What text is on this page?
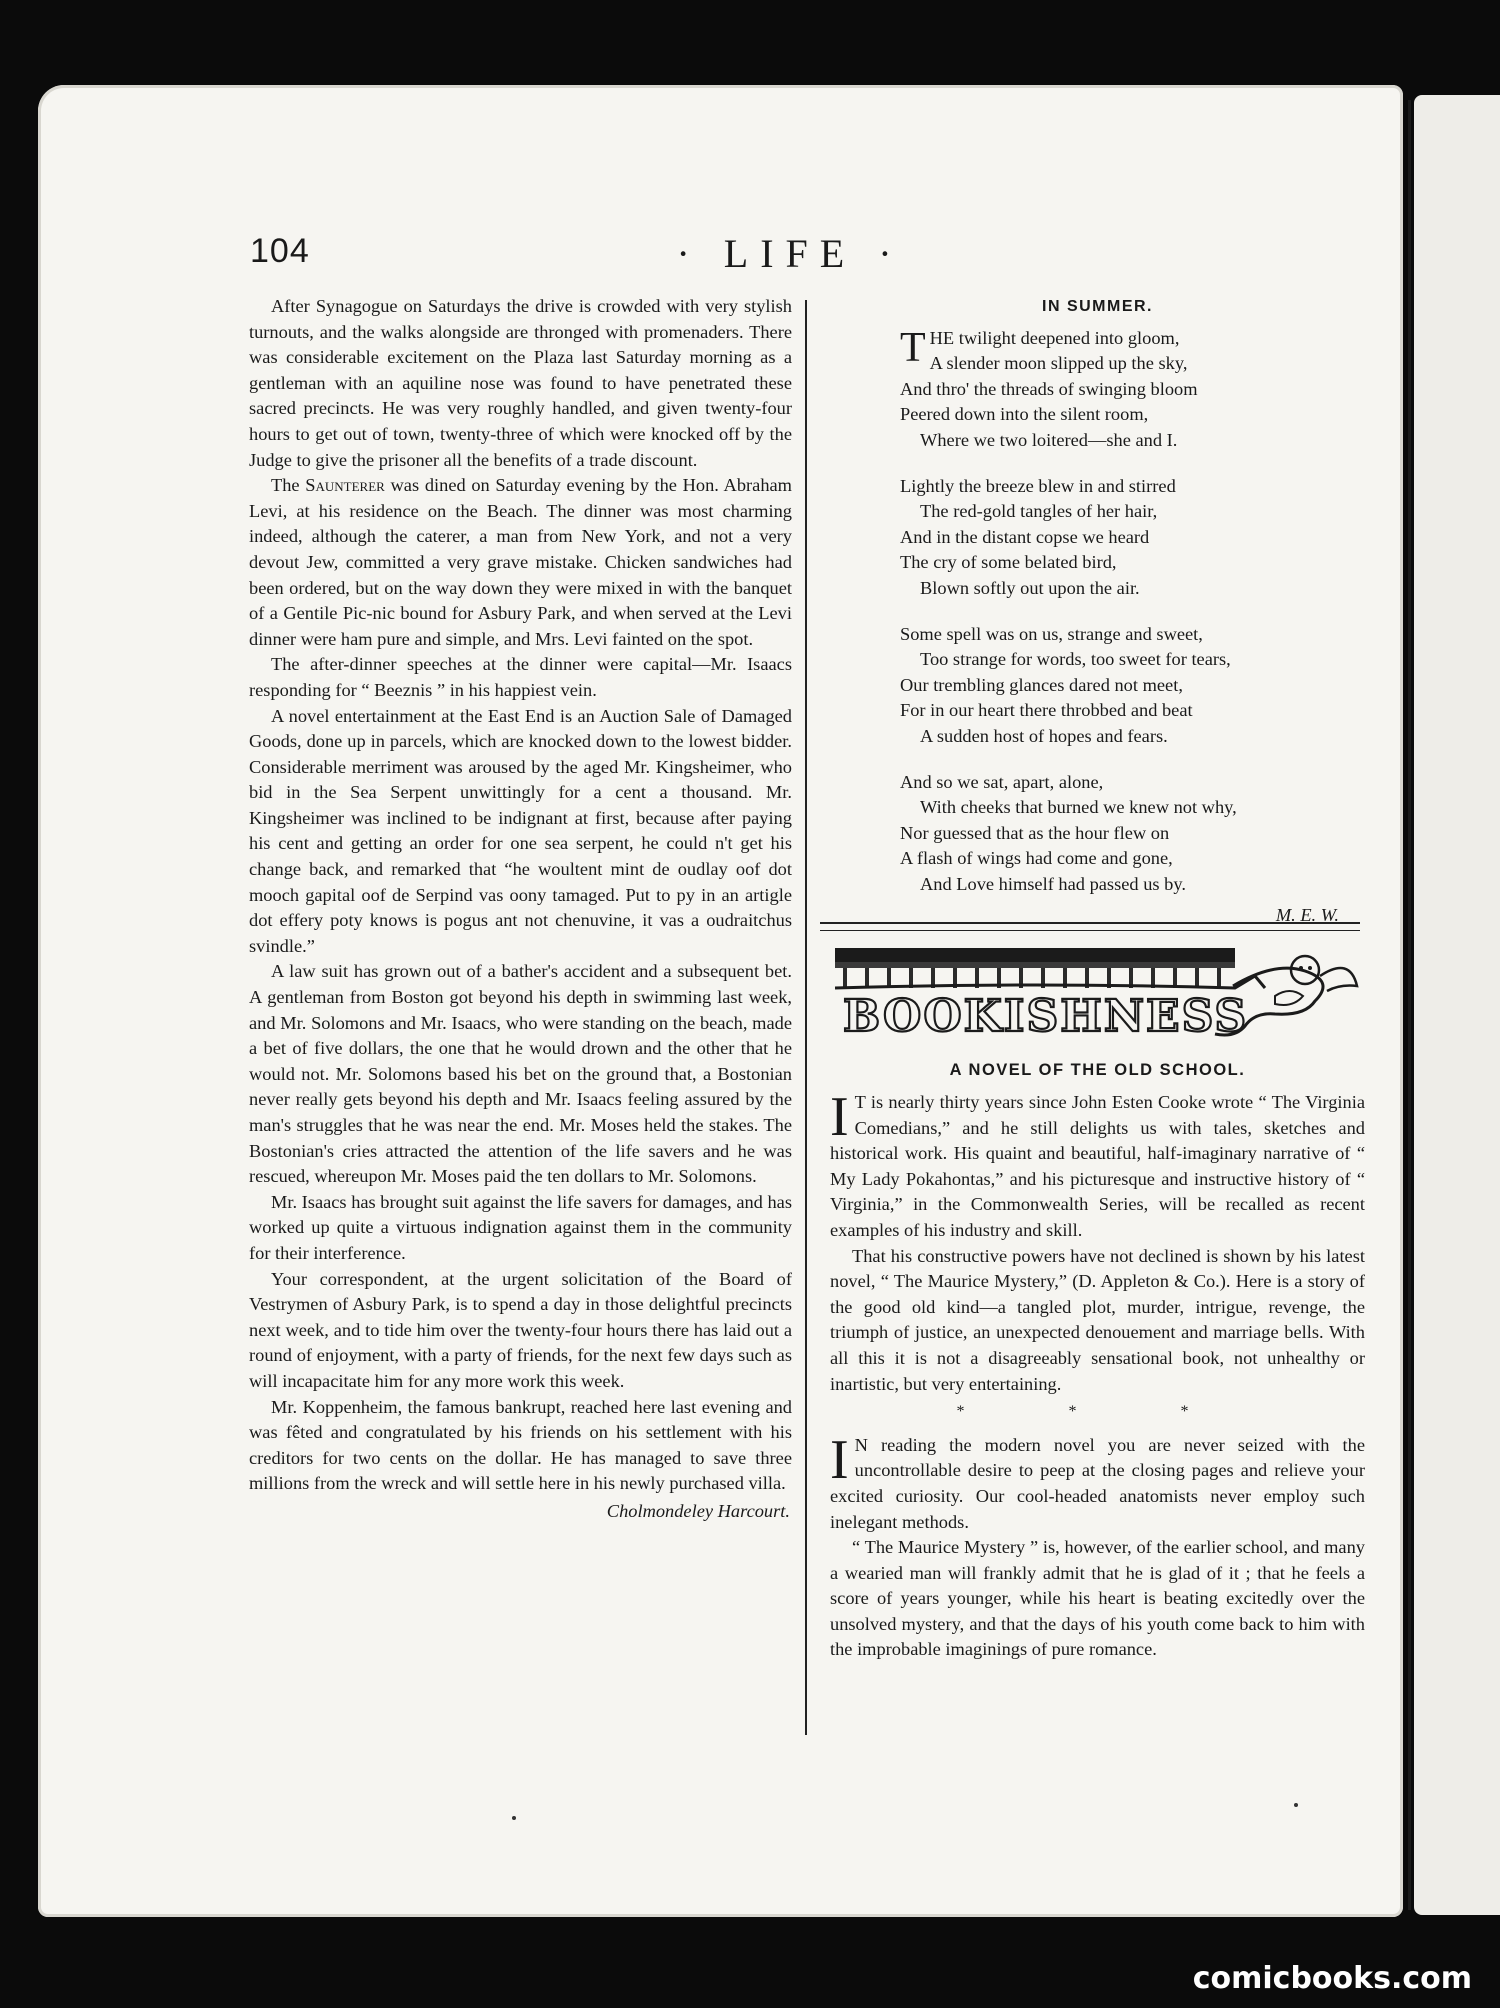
104	· LIFE ·

After Synagogue on Saturdays the drive is crowded with very stylish turnouts, and the walks alongside are thronged with promenaders. There was considerable excitement on the Plaza last Saturday morning as a gentleman with an aquiline nose was found to have penetrated these sacred precincts. He was very roughly handled, and given twenty-four hours to get out of town, twenty-three of which were knocked off by the Judge to give the prisoner all the benefits of a trade discount.

The Saunterer was dined on Saturday evening by the Hon. Abraham Levi, at his residence on the Beach. The dinner was most charming indeed, although the caterer, a man from New York, and not a very devout Jew, committed a very grave mistake. Chicken sandwiches had been ordered, but on the way down they were mixed in with the banquet of a Gentile Pic-nic bound for Asbury Park, and when served at the Levi dinner were ham pure and simple, and Mrs. Levi fainted on the spot.

The after-dinner speeches at the dinner were capital—Mr. Isaacs responding for “ Beeznis ” in his happiest vein.

A novel entertainment at the East End is an Auction Sale of Damaged Goods, done up in parcels, which are knocked down to the lowest bidder. Considerable merriment was aroused by the aged Mr. Kingsheimer, who bid in the Sea Serpent unwittingly for a cent a thousand. Mr. Kingsheimer was inclined to be indignant at first, because after paying his cent and getting an order for one sea serpent, he could n't get his change back, and remarked that “he woultent mint de oudlay oof dot mooch gapital oof de Serpind vas oony tamaged. Put to py in an artigle dot effery poty knows is pogus ant not chenuvine, it vas a oudraitchus svindle.”

A law suit has grown out of a bather's accident and a subsequent bet. A gentleman from Boston got beyond his depth in swimming last week, and Mr. Solomons and Mr. Isaacs, who were standing on the beach, made a bet of five dollars, the one that he would drown and the other that he would not. Mr. Solomons based his bet on the ground that, a Bostonian never really gets beyond his depth and Mr. Isaacs feeling assured by the man's struggles that he was near the end. Mr. Moses held the stakes. The Bostonian's cries attracted the attention of the life savers and he was rescued, whereupon Mr. Moses paid the ten dollars to Mr. Solomons.

Mr. Isaacs has brought suit against the life savers for damages, and has worked up quite a virtuous indignation against them in the community for their interference.

Your correspondent, at the urgent solicitation of the Board of Vestrymen of Asbury Park, is to spend a day in those delightful precincts next week, and to tide him over the twenty-four hours there has laid out a round of enjoyment, with a party of friends, for the next few days such as will incapacitate him for any more work this week.

Mr. Koppenheim, the famous bankrupt, reached here last evening and was fêted and congratulated by his friends on his settlement with his creditors for two cents on the dollar. He has managed to save three millions from the wreck and will settle here in his newly purchased villa.

Cholmondeley Harcourt.
IN SUMMER.
T HE twilight deepened into gloom,
A slender moon slipped up the sky,
And thro' the threads of swinging bloom
Peered down into the silent room,
Where we two loitered—she and I.
Lightly the breeze blew in and stirred
The red-gold tangles of her hair,
And in the distant copse we heard
The cry of some belated bird,
Blown softly out upon the air.
Some spell was on us, strange and sweet,
Too strange for words, too sweet for tears,
Our trembling glances dared not meet,
For in our heart there throbbed and beat
A sudden host of hopes and fears.
And so we sat, apart, alone,
With cheeks that burned we knew not why,
Nor guessed that as the hour flew on
A flash of wings had come and gone,
And Love himself had passed us by.
M. E. W.
BOOKISHNESS
A NOVEL OF THE OLD SCHOOL.

I T is nearly thirty years since John Esten Cooke wrote “ The Virginia Comedians,” and he still delights us with tales, sketches and historical work. His quaint and beautiful, half-imaginary narrative of “ My Lady Pokahontas,” and his picturesque and instructive history of “ Virginia,” in the Commonwealth Series, will be recalled as recent examples of his industry and skill.

That his constructive powers have not declined is shown by his latest novel, “ The Maurice Mystery,” (D. Appleton & Co.). Here is a story of the good old kind—a tangled plot, murder, intrigue, revenge, the triumph of justice, an unexpected denouement and marriage bells. With all this it is not a disagreeably sensational book, not unhealthy or inartistic, but very entertaining.

* * *

I N reading the modern novel you are never seized with the uncontrollable desire to peep at the closing pages and relieve your excited curiosity. Our cool-headed anatomists never employ such inelegant methods.

“ The Maurice Mystery ” is, however, of the earlier school, and many a wearied man will frankly admit that he is glad of it ; that he feels a score of years younger, while his heart is beating excitedly over the unsolved mystery, and that the days of his youth come back to him with the improbable imaginings of pure romance.

comicbooks.com
